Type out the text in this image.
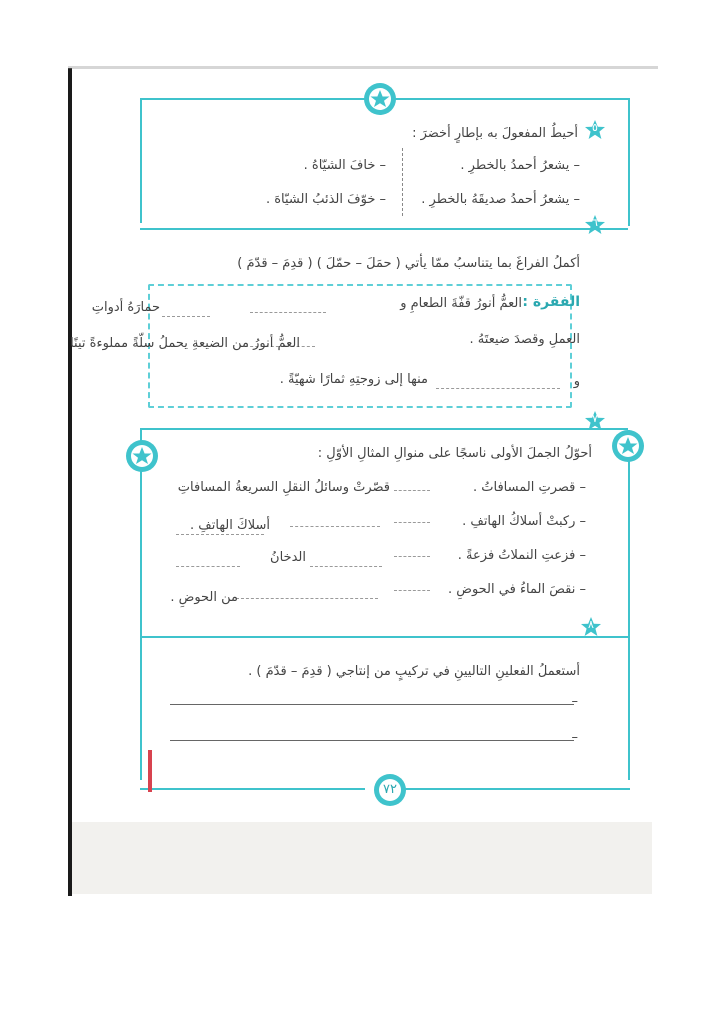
٧٢
٥
أحيطُ المفعولَ به بإطارٍ أخضرَ :
– يشعرُ أحمدُ بالخطرِ .
– خافَ الشيّاهُ .
– يشعرُ أحمدُ صديقَهُ بالخطرِ .
– خوّفَ الذئبُ الشيّاهَ .
٦
أكملُ الفراغَ بما يتناسبُ ممّا يأتي ( حمَلَ – حمّلَ ) ( قدِمَ – قدّمَ )
الفقرة :
العمُّ أنورُ قفّةَ الطعامِ و
حمارَهُ أدواتِ
العملِ وقصدَ ضيعتَهُ .
العمُّ أنورُ من الضيعةِ يحملُ سلّةً مملوءةً تينًا
و
منها إلى زوجتِهِ ثمارًا شهيّةً .
٧
أحوّلُ الجملَ الأولى ناسجًا على منوالِ المثالِ الأوّلِ :
– قصرتِ المسافاتُ .
قصّرتْ وسائلُ النقلِ السريعةُ المسافاتِ
– ركبتْ أسلاكُ الهاتفِ .
أسلاكَ الهاتفِ .
– فزعتِ النملاتُ فزعةً .
الدخانُ
– نقصَ الماءُ في الحوضِ .
من الحوضِ .
٨
أستعملُ الفعلينِ التاليينِ في تركيبٍ من إنتاجي ( قدِمَ – قدّمَ ) .
–
–
